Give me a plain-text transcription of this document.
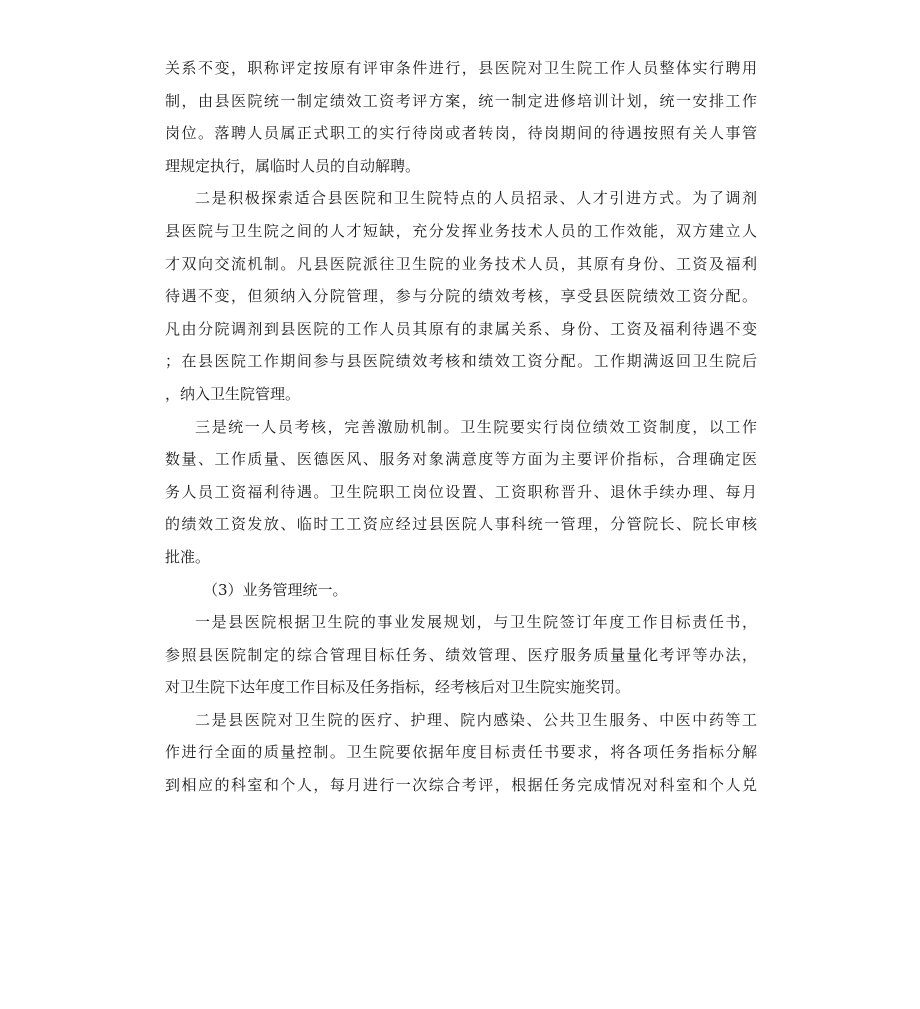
关系不变，职称评定按原有评审条件进行，县医院对卫生院工作人员整体实行聘用
制，由县医院统一制定绩效工资考评方案，统一制定进修培训计划，统一安排工作
岗位。落聘人员属正式职工的实行待岗或者转岗，待岗期间的待遇按照有关人事管
理规定执行，属临时人员的自动解聘。
二是积极探索适合县医院和卫生院特点的人员招录、人才引进方式。为了调剂
县医院与卫生院之间的人才短缺，充分发挥业务技术人员的工作效能，双方建立人
才双向交流机制。凡县医院派往卫生院的业务技术人员，其原有身份、工资及福利
待遇不变，但须纳入分院管理，参与分院的绩效考核，享受县医院绩效工资分配。
凡由分院调剂到县医院的工作人员其原有的隶属关系、身份、工资及福利待遇不变
；在县医院工作期间参与县医院绩效考核和绩效工资分配。工作期满返回卫生院后
，纳入卫生院管理。
三是统一人员考核，完善激励机制。卫生院要实行岗位绩效工资制度，以工作
数量、工作质量、医德医风、服务对象满意度等方面为主要评价指标，合理确定医
务人员工资福利待遇。卫生院职工岗位设置、工资职称晋升、退休手续办理、每月
的绩效工资发放、临时工工资应经过县医院人事科统一管理，分管院长、院长审核
批准。
（3）业务管理统一。
一是县医院根据卫生院的事业发展规划，与卫生院签订年度工作目标责任书，
参照县医院制定的综合管理目标任务、绩效管理、医疗服务质量量化考评等办法，
对卫生院下达年度工作目标及任务指标，经考核后对卫生院实施奖罚。
二是县医院对卫生院的医疗、护理、院内感染、公共卫生服务、中医中药等工
作进行全面的质量控制。卫生院要依据年度目标责任书要求，将各项任务指标分解
到相应的科室和个人，每月进行一次综合考评，根据任务完成情况对科室和个人兑
